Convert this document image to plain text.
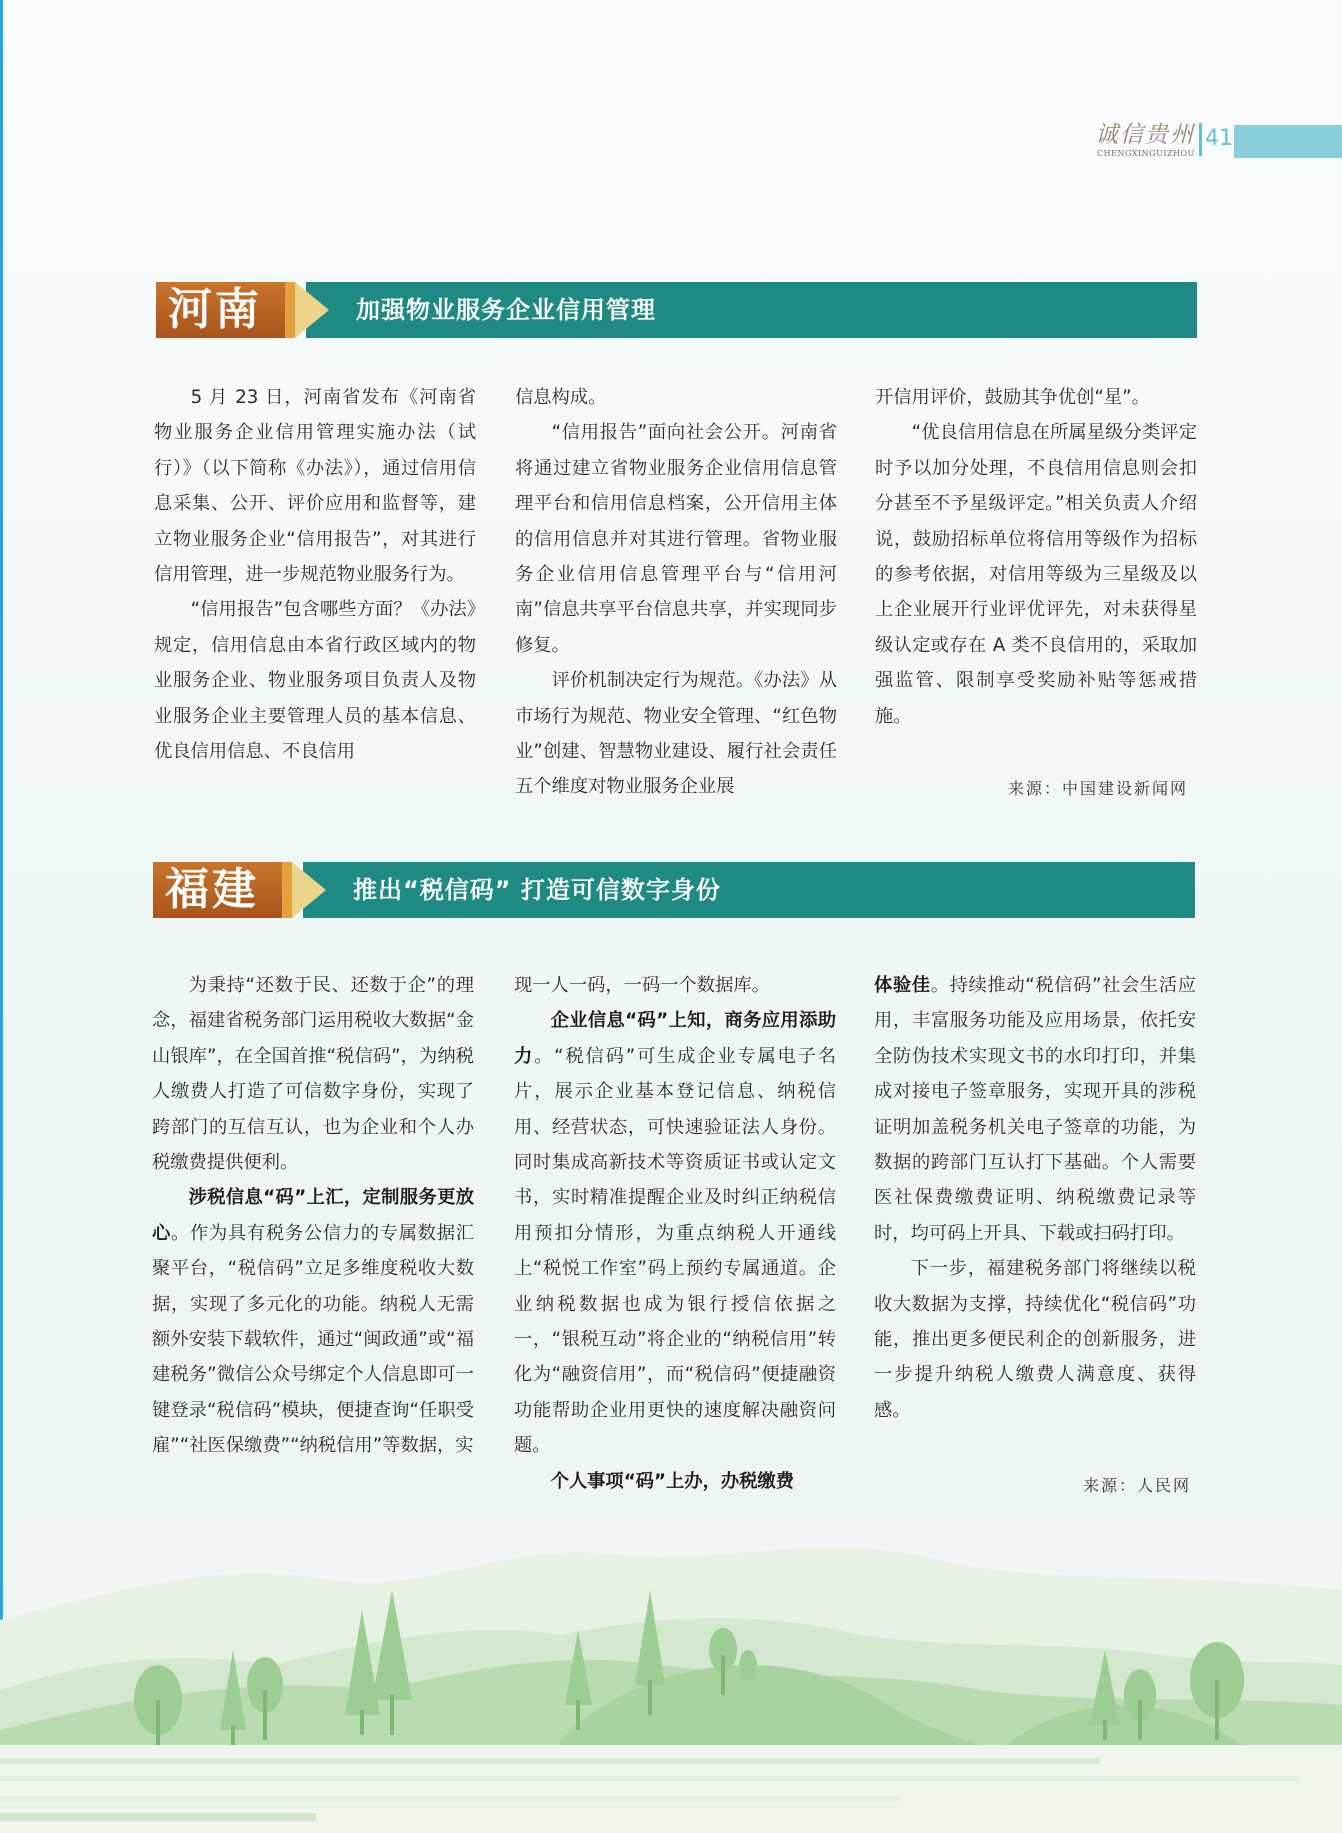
诚信贵州
CHENGXINGUIZHOU
41
河南	加强物业服务企业信用管理

5 月 23 日，河南省发布《河南省物业服务企业信用管理实施办法（试行）》（以下简称《办法》），通过信用信息采集、公开、评价应用和监督等，建立物业服务企业“信用报告”，对其进行信用管理，进一步规范物业服务行为。

“信用报告”包含哪些方面？《办法》规定，信用信息由本省行政区域内的物业服务企业、物业服务项目负责人及物业服务企业主要管理人员的基本信息、优良信用信息、不良信用

信息构成。

“信用报告”面向社会公开。河南省将通过建立省物业服务企业信用信息管理平台和信用信息档案，公开信用主体的信用信息并对其进行管理。省物业服务企业信用信息管理平台与“信用河南”信息共享平台信息共享，并实现同步修复。

评价机制决定行为规范。《办法》从市场行为规范、物业安全管理、“红色物业”创建、智慧物业建设、履行社会责任五个维度对物业服务企业展

开信用评价，鼓励其争优创“星”。

“优良信用信息在所属星级分类评定时予以加分处理，不良信用信息则会扣分甚至不予星级评定。”相关负责人介绍说，鼓励招标单位将信用等级作为招标的参考依据，对信用等级为三星级及以上企业展开行业评优评先，对未获得星级认定或存在 A 类不良信用的，采取加强监管、限制享受奖励补贴等惩戒措施。

来源：中国建设新闻网
福建	推出“税信码” 打造可信数字身份

为秉持“还数于民、还数于企”的理念，福建省税务部门运用税收大数据“金山银库”，在全国首推“税信码”，为纳税人缴费人打造了可信数字身份，实现了跨部门的互信互认，也为企业和个人办税缴费提供便利。

涉税信息“码”上汇，定制服务更放心。作为具有税务公信力的专属数据汇聚平台，“税信码”立足多维度税收大数据，实现了多元化的功能。纳税人无需额外安装下载软件，通过“闽政通”或“福建税务”微信公众号绑定个人信息即可一键登录“税信码”模块，便捷查询“任职受雇”“社医保缴费”“纳税信用”等数据，实

现一人一码，一码一个数据库。

企业信息“码”上知，商务应用添助力。“税信码”可生成企业专属电子名片，展示企业基本登记信息、纳税信用、经营状态，可快速验证法人身份。同时集成高新技术等资质证书或认定文书，实时精准提醒企业及时纠正纳税信用预扣分情形，为重点纳税人开通线上“税悦工作室”码上预约专属通道。企业纳税数据也成为银行授信依据之一，“银税互动”将企业的“纳税信用”转化为“融资信用”，而“税信码”便捷融资功能帮助企业用更快的速度解决融资问题。

个人事项“码”上办，办税缴费

体验佳。持续推动“税信码”社会生活应用，丰富服务功能及应用场景，依托安全防伪技术实现文书的水印打印，并集成对接电子签章服务，实现开具的涉税证明加盖税务机关电子签章的功能，为数据的跨部门互认打下基础。个人需要医社保费缴费证明、纳税缴费记录等时，均可码上开具、下载或扫码打印。

下一步，福建税务部门将继续以税收大数据为支撑，持续优化“税信码”功能，推出更多便民利企的创新服务，进一步提升纳税人缴费人满意度、获得感。

来源：人民网
